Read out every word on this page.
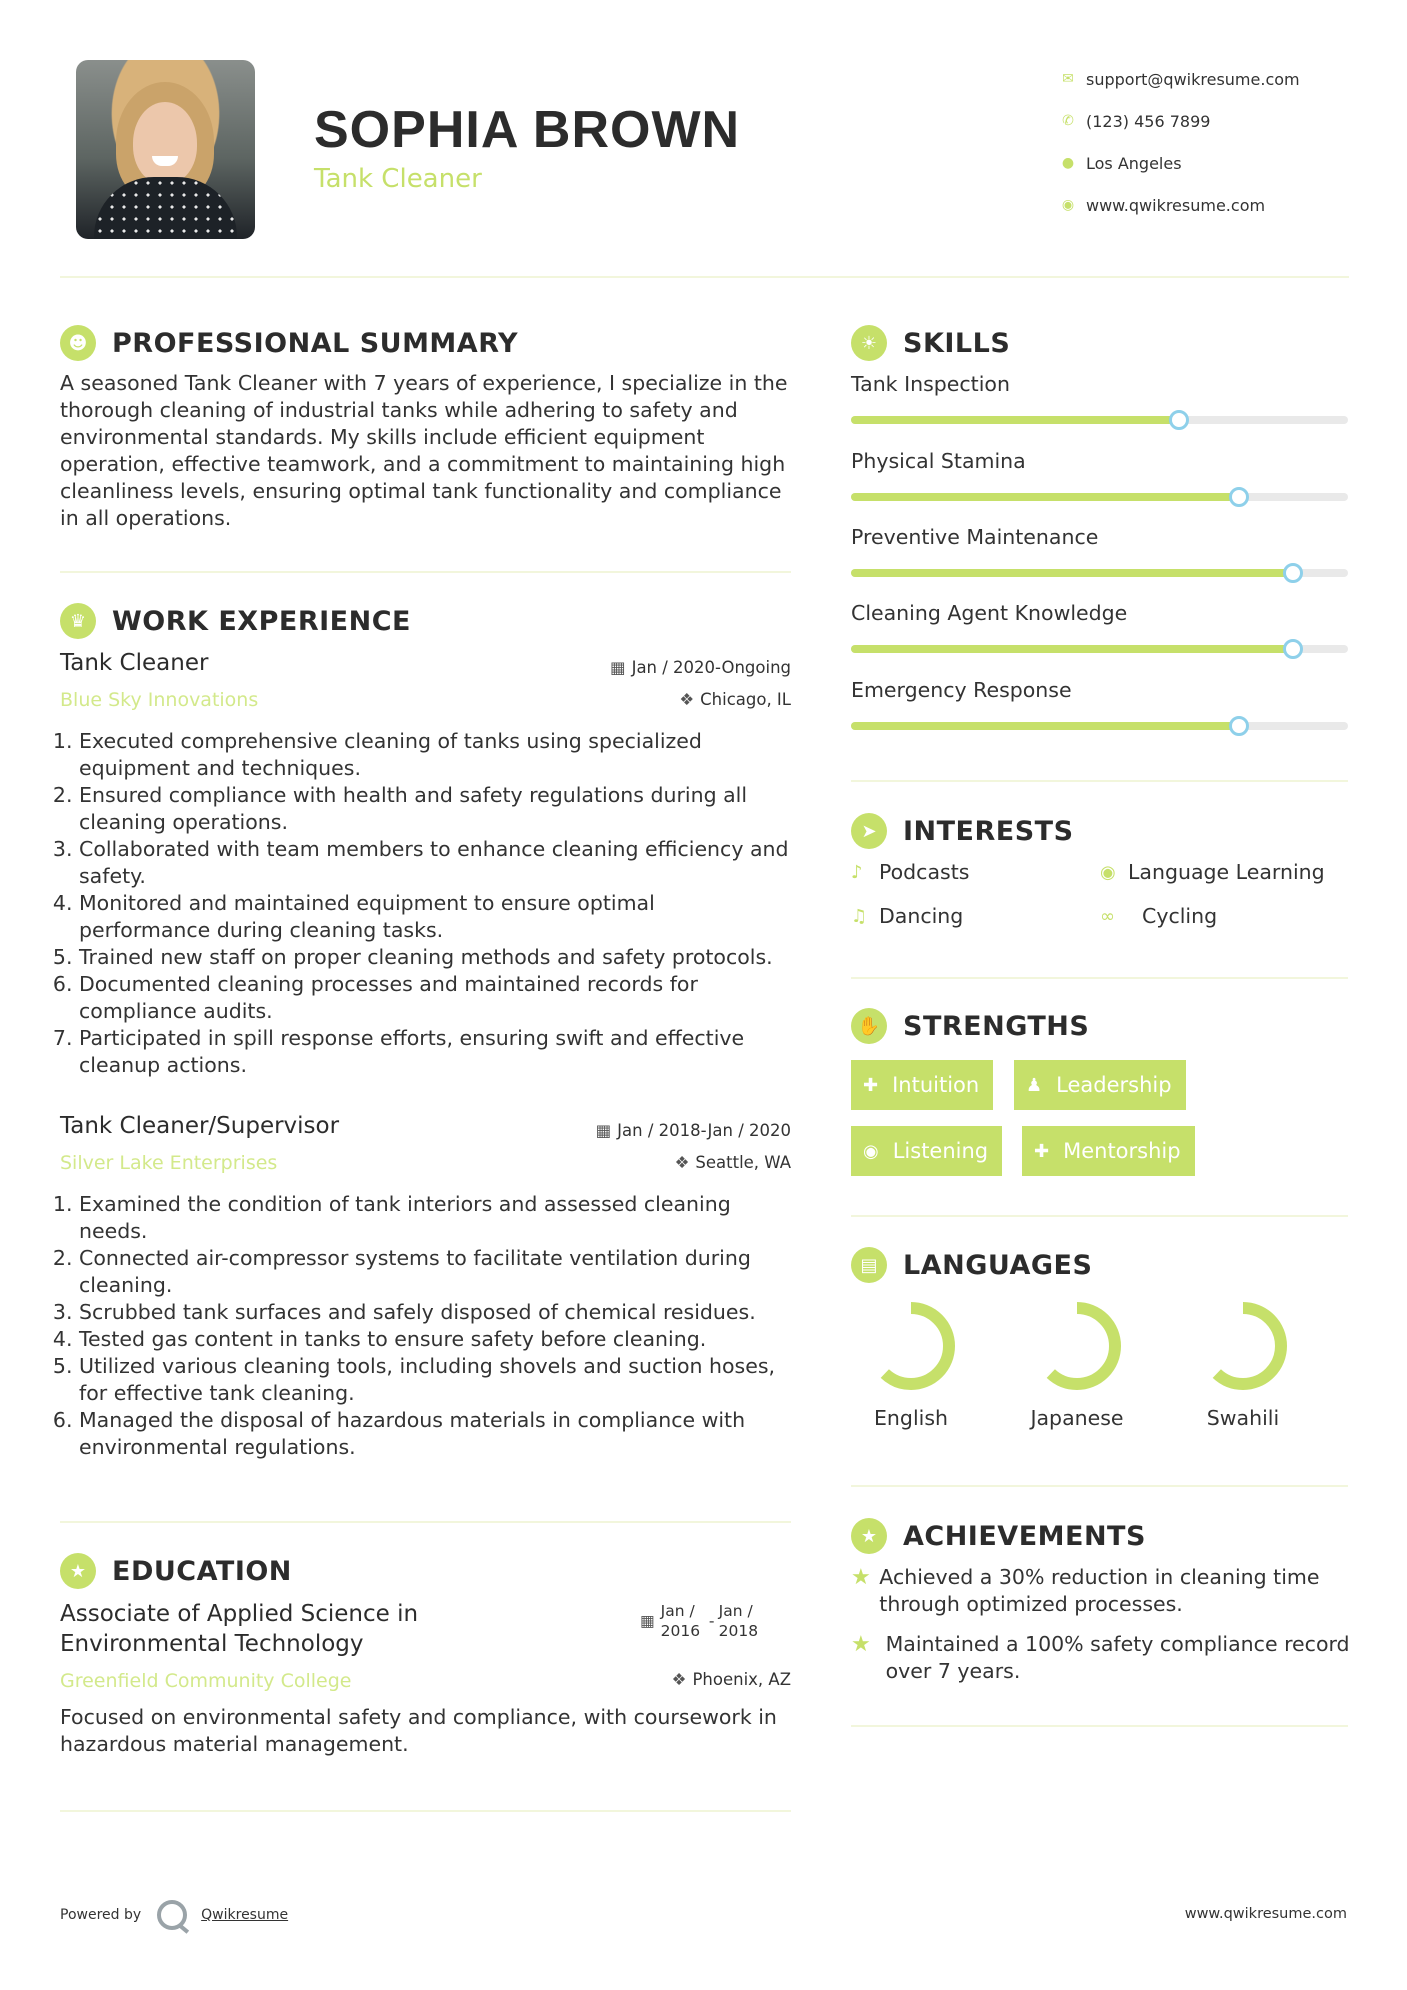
SOPHIA BROWN
Tank Cleaner
✉ support@qwikresume.com
✆ (123) 456 7899
● Los Angeles
◉ www.qwikresume.com
☻ PROFESSIONAL SUMMARY
A seasoned Tank Cleaner with 7 years of experience, I specialize in the thorough cleaning of industrial tanks while adhering to safety and environmental standards. My skills include efficient equipment operation, effective teamwork, and a commitment to maintaining high cleanliness levels, ensuring optimal tank functionality and compliance in all operations.
♛ WORK EXPERIENCE
Tank Cleaner
Blue Sky Innovations
▦ Jan / 2020-Ongoing
❖ Chicago, IL
1. Executed comprehensive cleaning of tanks using specialized equipment and techniques.
2. Ensured compliance with health and safety regulations during all cleaning operations.
3. Collaborated with team members to enhance cleaning efficiency and safety.
4. Monitored and maintained equipment to ensure optimal performance during cleaning tasks.
5. Trained new staff on proper cleaning methods and safety protocols.
6. Documented cleaning processes and maintained records for compliance audits.
7. Participated in spill response efforts, ensuring swift and effective cleanup actions.
Tank Cleaner/Supervisor
Silver Lake Enterprises
▦ Jan / 2018-Jan / 2020
❖ Seattle, WA
1. Examined the condition of tank interiors and assessed cleaning needs.
2. Connected air-compressor systems to facilitate ventilation during cleaning.
3. Scrubbed tank surfaces and safely disposed of chemical residues.
4. Tested gas content in tanks to ensure safety before cleaning.
5. Utilized various cleaning tools, including shovels and suction hoses, for effective tank cleaning.
6. Managed the disposal of hazardous materials in compliance with environmental regulations.
★ EDUCATION
Associate of Applied Science in Environmental Technology
Greenfield Community College
▦
Jan / 2016
-
Jan / 2018
❖ Phoenix, AZ
Focused on environmental safety and compliance, with coursework in hazardous material management.
☀ SKILLS
Tank Inspection
Physical Stamina
Preventive Maintenance
Cleaning Agent Knowledge
Emergency Response
➤ INTERESTS
♪ Podcasts	◉ Language Learning
♫ Dancing	∞	Cycling
✋ STRENGTHS
✚ Intuition	♟ Leadership
◉ Listening	✚ Mentorship
▤ LANGUAGES
English	Japanese	Swahili
★ ACHIEVEMENTS
★ Achieved a 30% reduction in cleaning time through optimized processes.
★ Maintained a 100% safety compliance record over 7 years.
Powered by	Qwikresume	www.qwikresume.com
